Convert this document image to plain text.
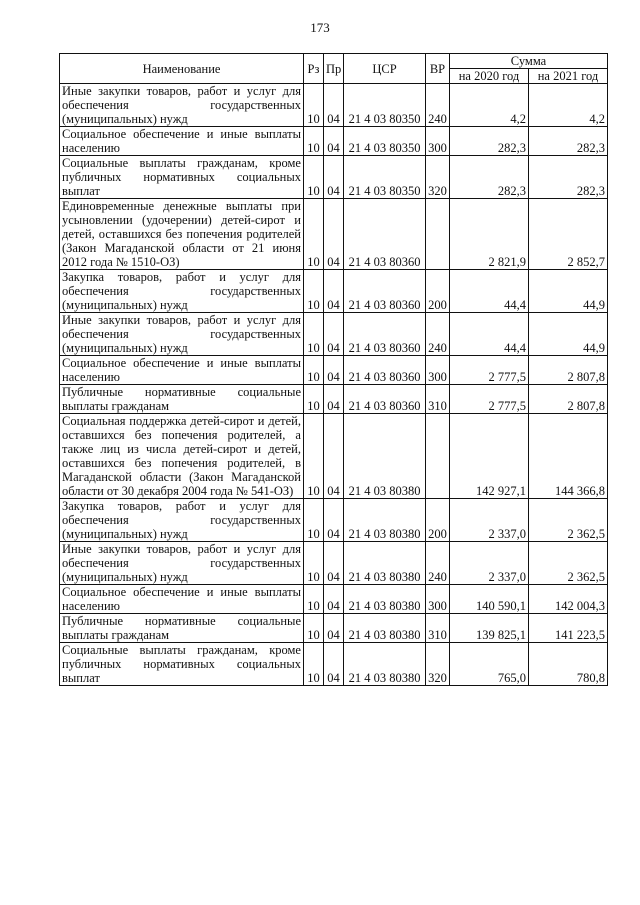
173
Наименование	Рз	Пр	ЦСР	ВР	Сумма	
					на 2020 год	на 2021 год
Иные закупки товаров, работ и услуг для обеспечения государственных (муниципальных) нужд	10	04	21 4 03 80350	240	4,2	4,2
Социальное обеспечение и иные выплаты населению	10	04	21 4 03 80350	300	282,3	282,3
Социальные выплаты гражданам, кроме публичных нормативных социальных выплат	10	04	21 4 03 80350	320	282,3	282,3
Единовременные денежные выплаты при усыновлении (удочерении) детей-сирот и детей, оставшихся без попечения родителей (Закон Магаданской области от 21 июня 2012 года № 1510-ОЗ)	10	04	21 4 03 80360		2 821,9	2 852,7
Закупка товаров, работ и услуг для обеспечения государственных (муниципальных) нужд	10	04	21 4 03 80360	200	44,4	44,9
Иные закупки товаров, работ и услуг для обеспечения государственных (муниципальных) нужд	10	04	21 4 03 80360	240	44,4	44,9
Социальное обеспечение и иные выплаты населению	10	04	21 4 03 80360	300	2 777,5	2 807,8
Публичные нормативные социальные выплаты гражданам	10	04	21 4 03 80360	310	2 777,5	2 807,8
Социальная поддержка детей-сирот и детей, оставшихся без попечения родителей, а также лиц из числа детей-сирот и детей, оставшихся без попечения родителей, в Магаданской области (Закон Магаданской области от 30 декабря 2004 года № 541-ОЗ)	10	04	21 4 03 80380		142 927,1	144 366,8
Закупка товаров, работ и услуг для обеспечения государственных (муниципальных) нужд	10	04	21 4 03 80380	200	2 337,0	2 362,5
Иные закупки товаров, работ и услуг для обеспечения государственных (муниципальных) нужд	10	04	21 4 03 80380	240	2 337,0	2 362,5
Социальное обеспечение и иные выплаты населению	10	04	21 4 03 80380	300	140 590,1	142 004,3
Публичные нормативные социальные выплаты гражданам	10	04	21 4 03 80380	310	139 825,1	141 223,5
Социальные выплаты гражданам, кроме публичных нормативных социальных выплат	10	04	21 4 03 80380	320	765,0	780,8
